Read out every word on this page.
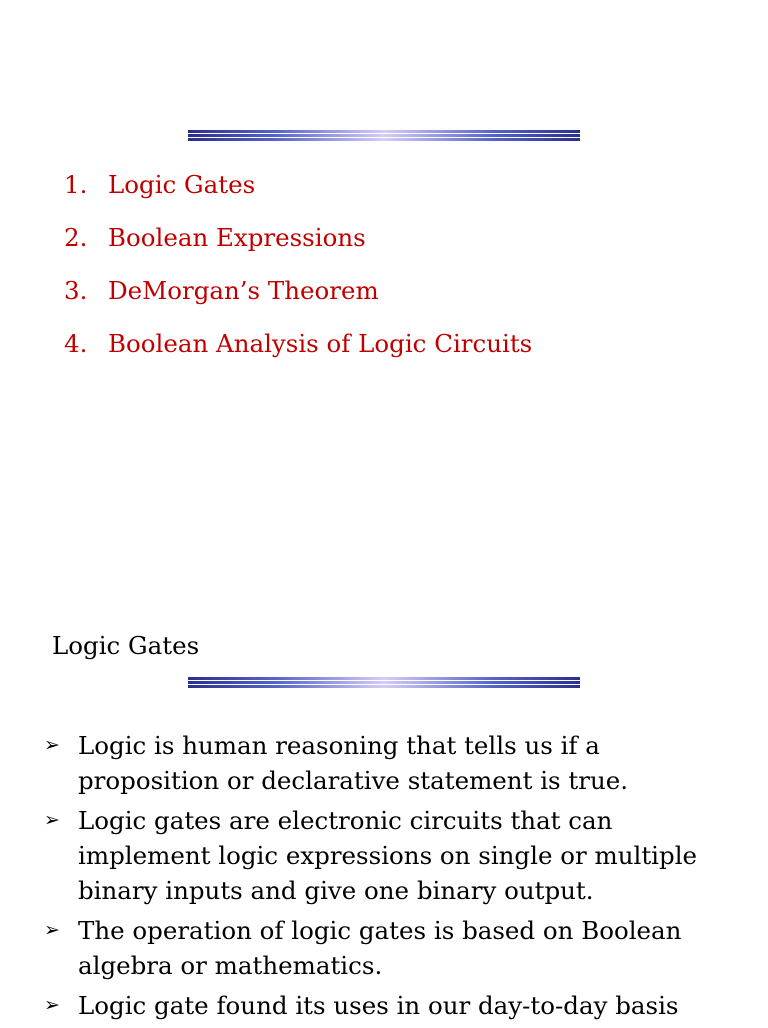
1. Logic Gates
2. Boolean Expressions
3. DeMorgan’s Theorem
4. Boolean Analysis of Logic Circuits
Logic Gates
➢ Logic is human reasoning that tells us if a proposition or declarative statement is true.
➢ Logic gates are electronic circuits that can implement logic expressions on single or multiple binary inputs and give one binary output.
➢ The operation of logic gates is based on Boolean algebra or mathematics.
➢ Logic gate found its uses in our day-to-day basis
